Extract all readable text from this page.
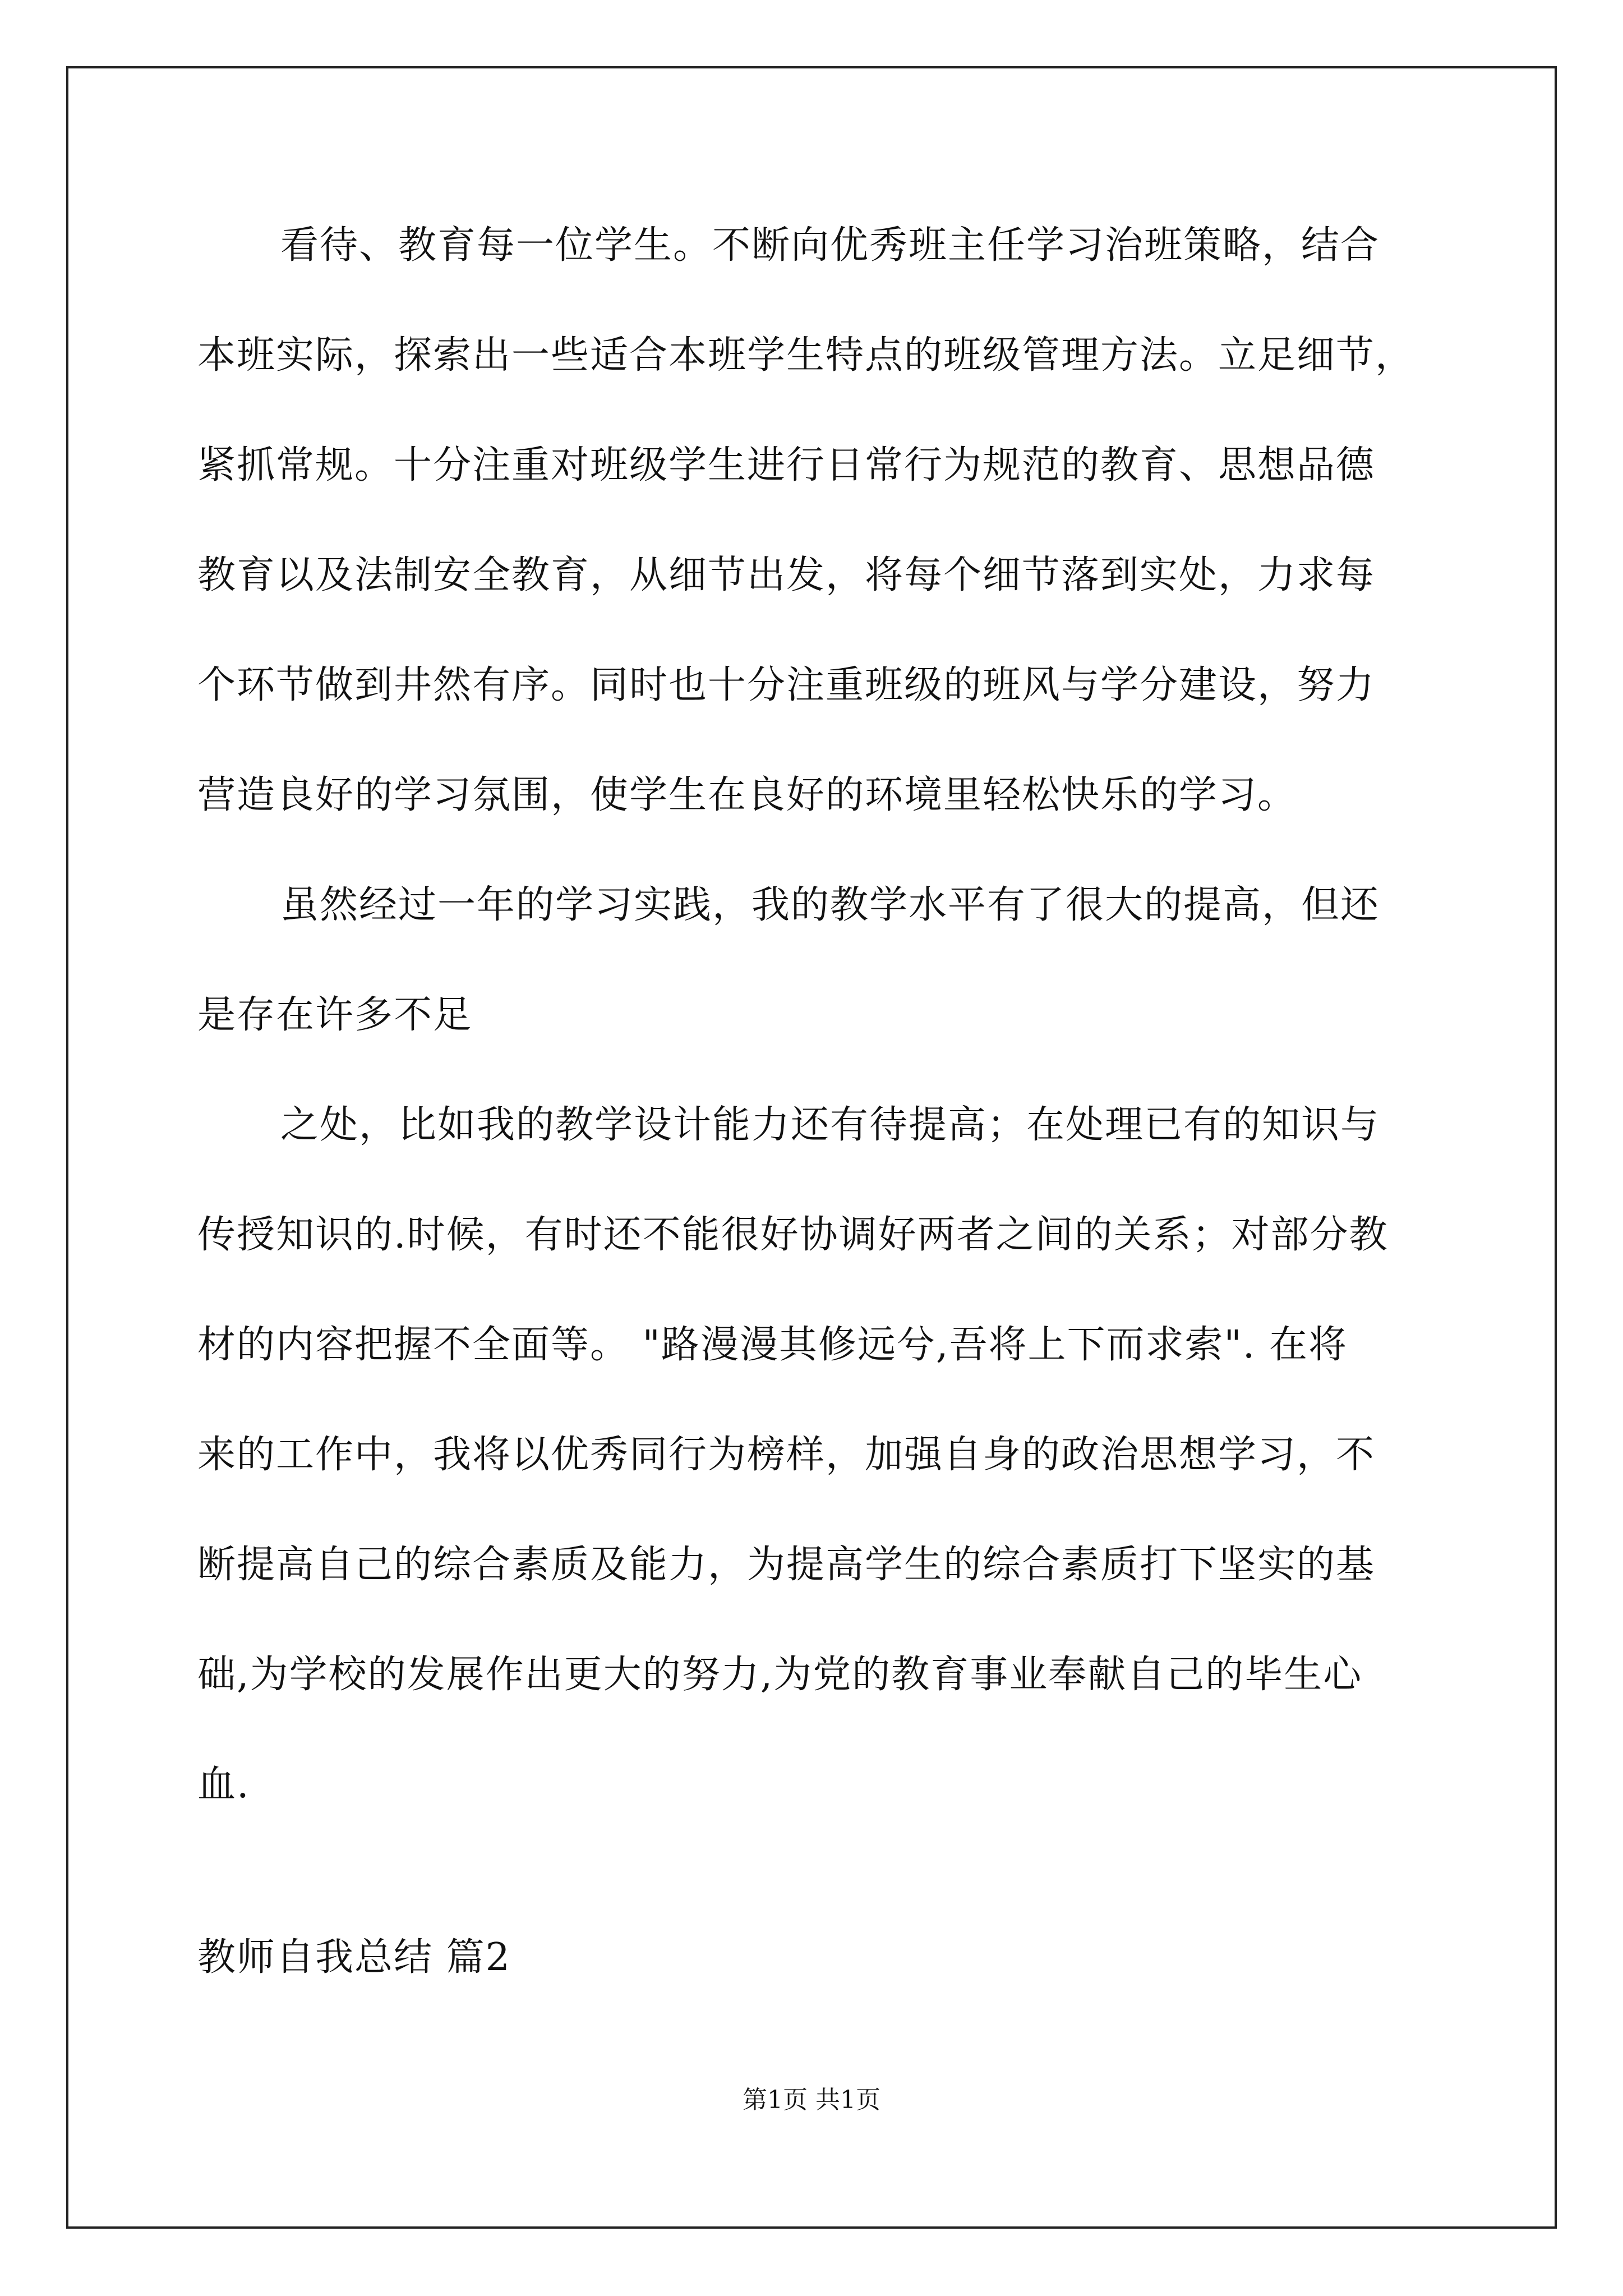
看待、教育每一位学生。不断向优秀班主任学习治班策略，结合
本班实际，探索出一些适合本班学生特点的班级管理方法。立足细节，
紧抓常规。十分注重对班级学生进行日常行为规范的教育、思想品德
教育以及法制安全教育，从细节出发，将每个细节落到实处，力求每
个环节做到井然有序。同时也十分注重班级的班风与学分建设，努力
营造良好的学习氛围，使学生在良好的环境里轻松快乐的学习。
虽然经过一年的学习实践，我的教学水平有了很大的提高，但还
是存在许多不足
之处，比如我的教学设计能力还有待提高；在处理已有的知识与
传授知识的.时候，有时还不能很好协调好两者之间的关系；对部分教
材的内容把握不全面等。 "路漫漫其修远兮,吾将上下而求索". 在将
来的工作中，我将以优秀同行为榜样，加强自身的政治思想学习，不
断提高自己的综合素质及能力，为提高学生的综合素质打下坚实的基
础,为学校的发展作出更大的努力,为党的教育事业奉献自己的毕生心
血.
教师自我总结 篇2
第1页 共1页
